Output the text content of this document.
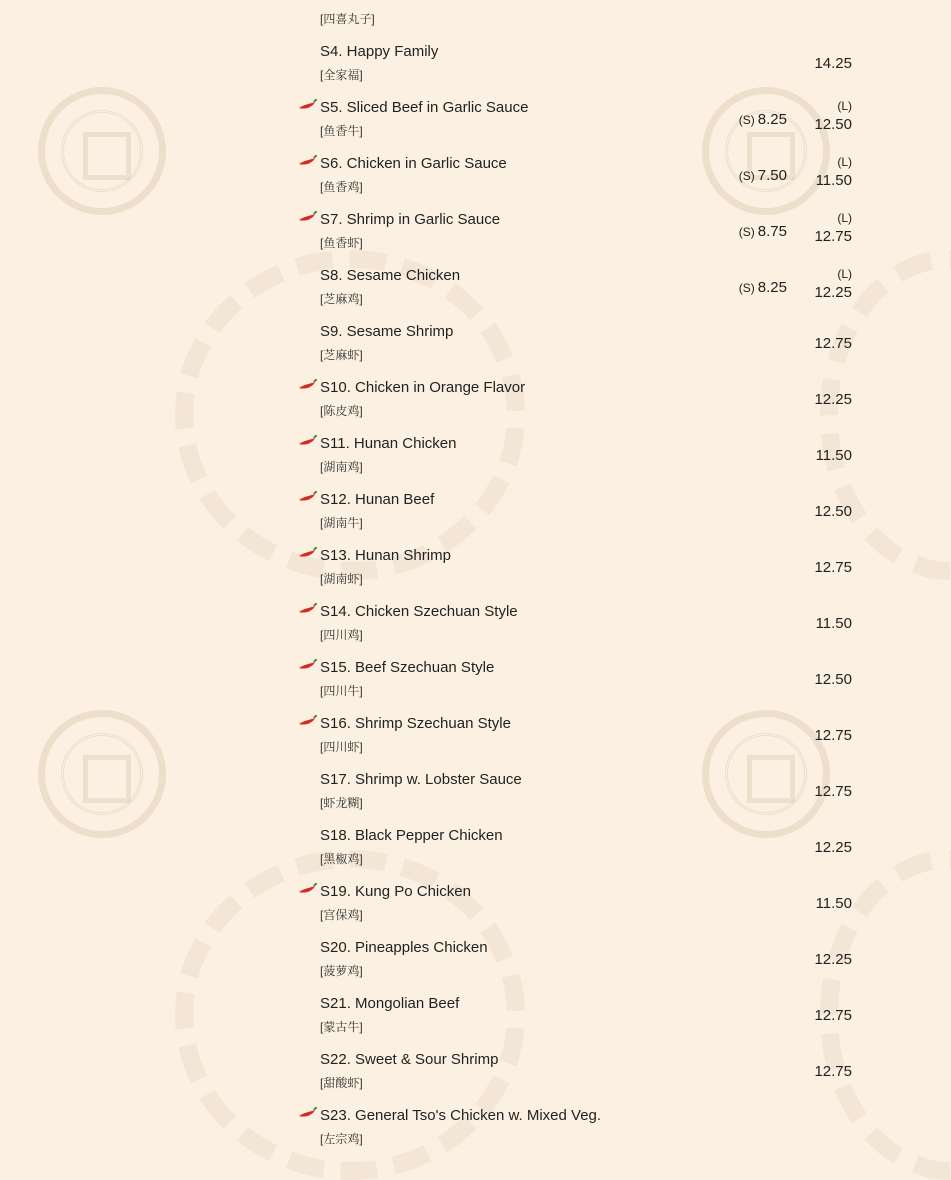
[四喜丸子]
S4. Happy Family
[全家福]
14.25
S5. Sliced Beef in Garlic Sauce
[鱼香牛]
(S) 8.25
(L)
12.50
S6. Chicken in Garlic Sauce
[鱼香鸡]
(S) 7.50
(L)
11.50
S7. Shrimp in Garlic Sauce
[鱼香虾]
(S) 8.75
(L)
12.75
S8. Sesame Chicken
[芝麻鸡]
(S) 8.25
(L)
12.25
S9. Sesame Shrimp
[芝麻虾]
12.75
S10. Chicken in Orange Flavor
[陈皮鸡]
12.25
S11. Hunan Chicken
[湖南鸡]
11.50
S12. Hunan Beef
[湖南牛]
12.50
S13. Hunan Shrimp
[湖南虾]
12.75
S14. Chicken Szechuan Style
[四川鸡]
11.50
S15. Beef Szechuan Style
[四川牛]
12.50
S16. Shrimp Szechuan Style
[四川虾]
12.75
S17. Shrimp w. Lobster Sauce
[虾龙糊]
12.75
S18. Black Pepper Chicken
[黑椒鸡]
12.25
S19. Kung Po Chicken
[宫保鸡]
11.50
S20. Pineapples Chicken
[菠萝鸡]
12.25
S21. Mongolian Beef
[蒙古牛]
12.75
S22. Sweet & Sour Shrimp
[甜酸虾]
12.75
S23. General Tso's Chicken w. Mixed Veg.
[左宗鸡]
